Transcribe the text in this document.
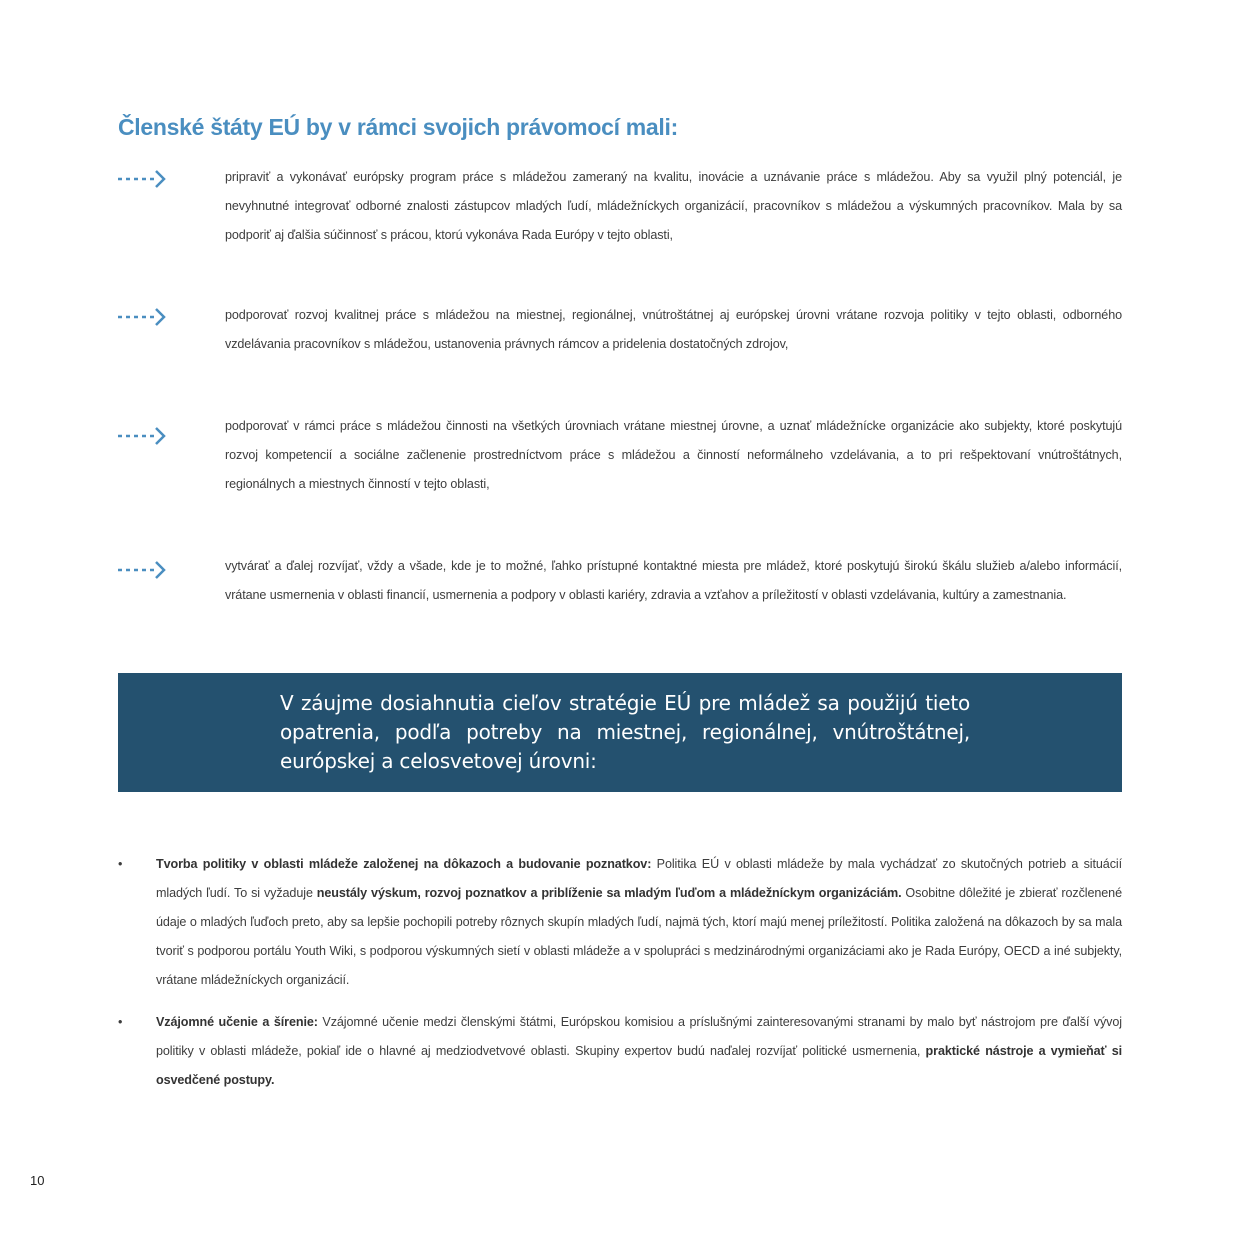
Členské štáty EÚ by v rámci svojich právomocí mali:
pripraviť a vykonávať európsky program práce s mládežou zameraný na kvalitu, inovácie a uznávanie práce s mládežou. Aby sa využil plný potenciál, je nevyhnutné integrovať odborné znalosti zástupcov mladých ľudí, mládežníckych organizácií, pracovníkov s mládežou a výskumných pracovníkov. Mala by sa podporiť aj ďalšia súčinnosť s prácou, ktorú vykonáva Rada Európy v tejto oblasti,
podporovať rozvoj kvalitnej práce s mládežou na miestnej, regionálnej, vnútroštátnej aj európskej úrovni vrátane rozvoja politiky v tejto oblasti, odborného vzdelávania pracovníkov s mládežou, ustanovenia právnych rámcov a pridelenia dostatočných zdrojov,
podporovať v rámci práce s mládežou činnosti na všetkých úrovniach vrátane miestnej úrovne, a uznať mládežnícke organizácie ako subjekty, ktoré poskytujú rozvoj kompetencií a sociálne začlenenie prostredníctvom práce s mládežou a činností neformálneho vzdelávania, a to pri rešpektovaní vnútroštátnych, regionálnych a miestnych činností v tejto oblasti,
vytvárať a ďalej rozvíjať, vždy a všade, kde je to možné, ľahko prístupné kontaktné miesta pre mládež, ktoré poskytujú širokú škálu služieb a/alebo informácií, vrátane usmernenia v oblasti financií, usmernenia a podpory v oblasti kariéry, zdravia a vzťahov a príležitostí v oblasti vzdelávania, kultúry a zamestnania.
V záujme dosiahnutia cieľov stratégie EÚ pre mládež sa použijú tieto opatrenia, podľa potreby na miestnej, regionálnej, vnútroštátnej, európskej a celosvetovej úrovni:
•	Tvorba politiky v oblasti mládeže založenej na dôkazoch a budovanie poznatkov: Politika EÚ v oblasti mládeže by mala vychádzať zo skutočných potrieb a situácií mladých ľudí. To si vyžaduje neustály výskum, rozvoj poznatkov a priblíženie sa mladým ľuďom a mládežníckym organizáciám. Osobitne dôležité je zbierať rozčlenené údaje o mladých ľuďoch preto, aby sa lepšie pochopili potreby rôznych skupín mladých ľudí, najmä tých, ktorí majú menej príležitostí. Politika založená na dôkazoch by sa mala tvoriť s podporou portálu Youth Wiki, s podporou výskumných sietí v oblasti mládeže a v spolupráci s medzinárodnými organizáciami ako je Rada Európy, OECD a iné subjekty, vrátane mládežníckych organizácií.
•	Vzájomné učenie a šírenie: Vzájomné učenie medzi členskými štátmi, Európskou komisiou a príslušnými zainteresovanými stranami by malo byť nástrojom pre ďalší vývoj politiky v oblasti mládeže, pokiaľ ide o hlavné aj medziodvetvové oblasti. Skupiny expertov budú naďalej rozvíjať politické usmernenia, praktické nástroje a vymieňať si osvedčené postupy.
10
